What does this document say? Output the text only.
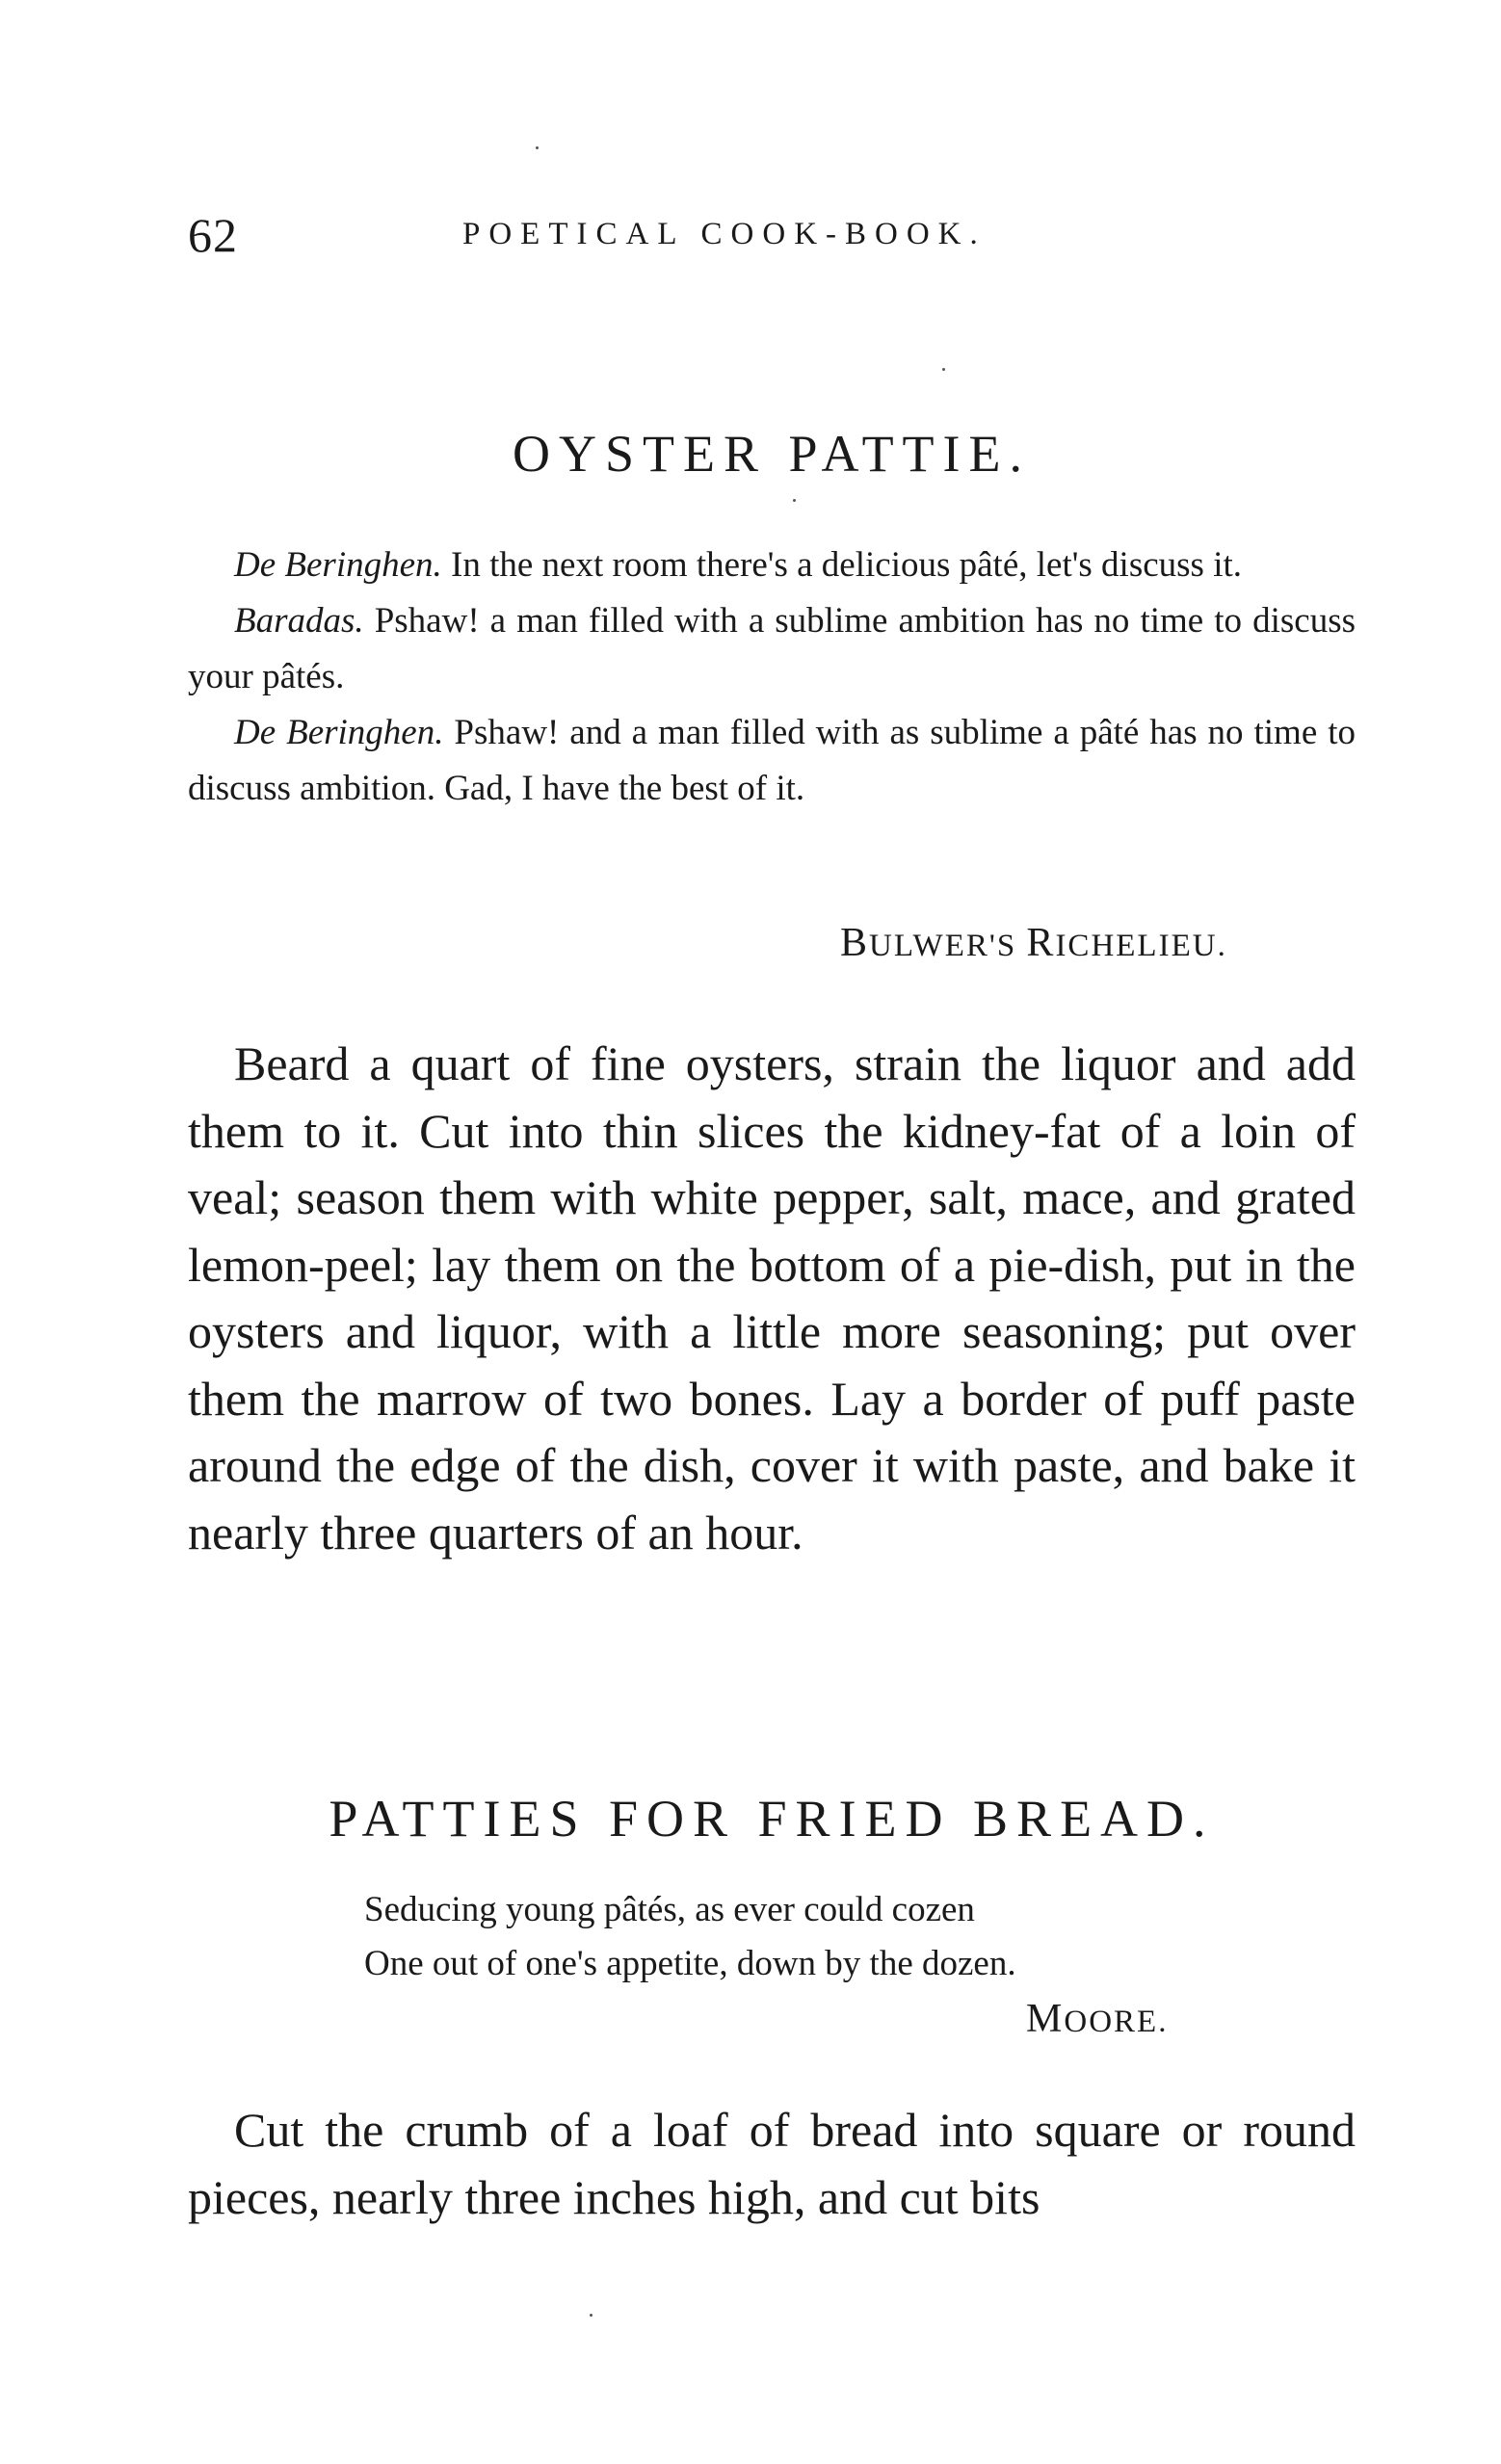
62	POETICAL COOK-BOOK.
OYSTER PATTIE.

De Beringhen. In the next room there's a delicious pâté, let's discuss it.

Baradas. Pshaw! a man filled with a sublime ambition has no time to discuss your pâtés.

De Beringhen. Pshaw! and a man filled with as sublime a pâté has no time to discuss ambition. Gad, I have the best of it.

BULWER'S RICHELIEU.

Beard a quart of fine oysters, strain the liquor and add them to it. Cut into thin slices the kidney-fat of a loin of veal; season them with white pepper, salt, mace, and grated lemon-peel; lay them on the bottom of a pie-dish, put in the oysters and liquor, with a little more seasoning; put over them the marrow of two bones. Lay a border of puff paste around the edge of the dish, cover it with paste, and bake it nearly three quarters of an hour.

PATTIES FOR FRIED BREAD.
Seducing young pâtés, as ever could cozen
One out of one's appetite, down by the dozen.
MOORE.

Cut the crumb of a loaf of bread into square or round pieces, nearly three inches high, and cut bits
